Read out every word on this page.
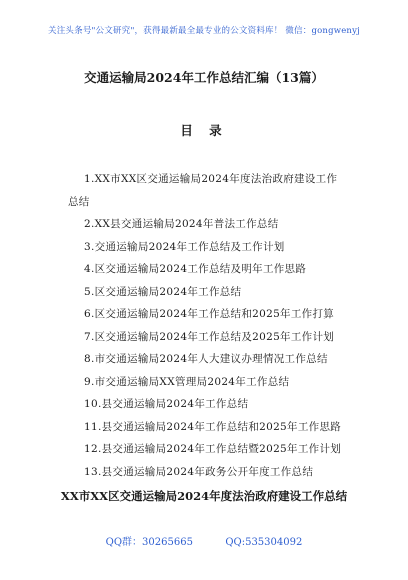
关注头条号"公文研究"，获得最新最全最专业的公文资料库！ 微信：gongwenyj
交通运输局2024年工作总结汇编（13篇）
目 录
1.XX市XX区交通运输局2024年度法治政府建设工作
总结
2.XX县交通运输局2024年普法工作总结
3.交通运输局2024年工作总结及工作计划
4.区交通运输局2024工作总结及明年工作思路
5.区交通运输局2024年工作总结
6.区交通运输局2024年工作总结和2025年工作打算
7.区交通运输局2024年工作总结及2025年工作计划
8.市交通运输局2024年人大建议办理情况工作总结
9.市交通运输局XX管理局2024年工作总结
10.县交通运输局2024年工作总结
11.县交通运输局2024年工作总结和2025年工作思路
12.县交通运输局2024年工作总结暨2025年工作计划
13.县交通运输局2024年政务公开年度工作总结
XX市XX区交通运输局2024年度法治政府建设工作总结
QQ群：30265665	QQ:535304092
